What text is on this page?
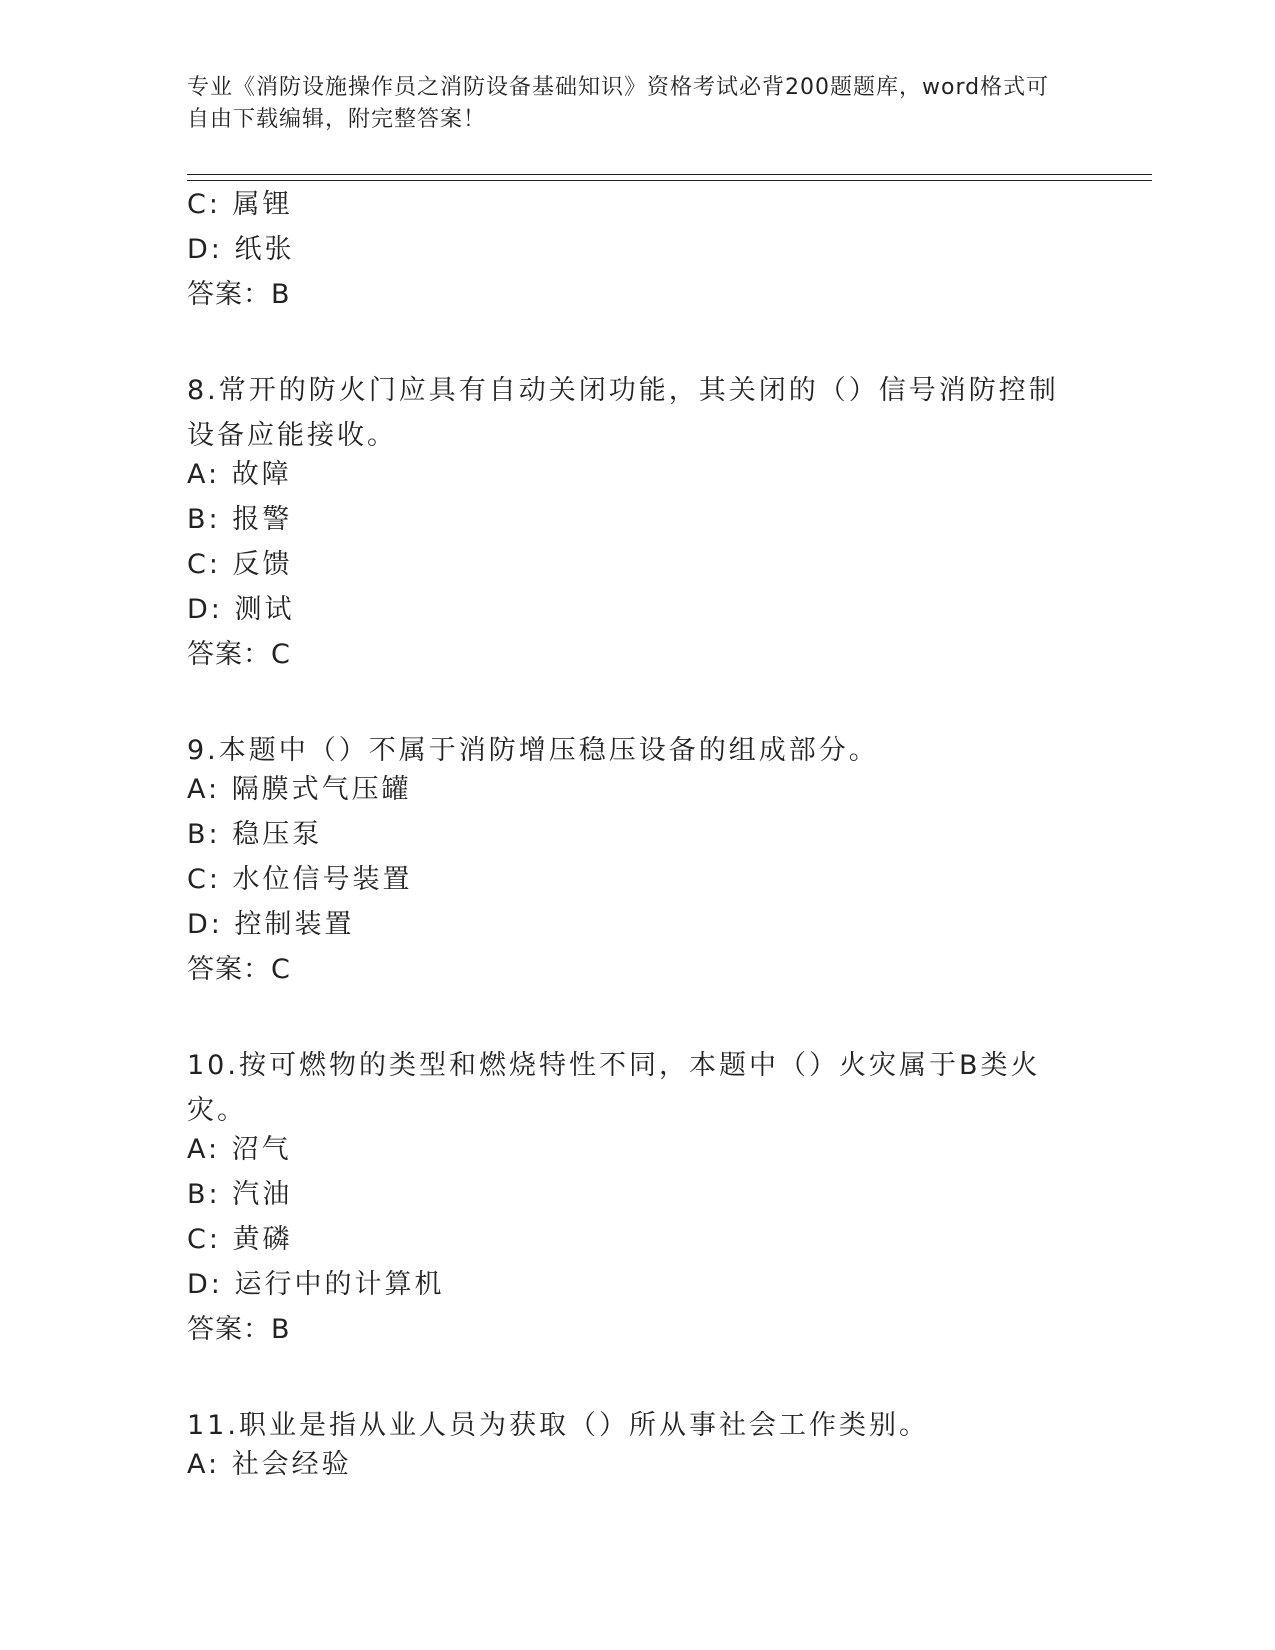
专业《消防设施操作员之消防设备基础知识》资格考试必背200题题库，word格式可自由下载编辑，附完整答案！
C: 属锂
D: 纸张
答案：B
8.常开的防火门应具有自动关闭功能，其关闭的（）信号消防控制设备应能接收。
A: 故障
B: 报警
C: 反馈
D: 测试
答案：C
9.本题中（）不属于消防增压稳压设备的组成部分。
A: 隔膜式气压罐
B: 稳压泵
C: 水位信号装置
D: 控制装置
答案：C
10.按可燃物的类型和燃烧特性不同，本题中（）火灾属于B类火灾。
A: 沼气
B: 汽油
C: 黄磷
D: 运行中的计算机
答案：B
11.职业是指从业人员为获取（）所从事社会工作类别。
A: 社会经验
